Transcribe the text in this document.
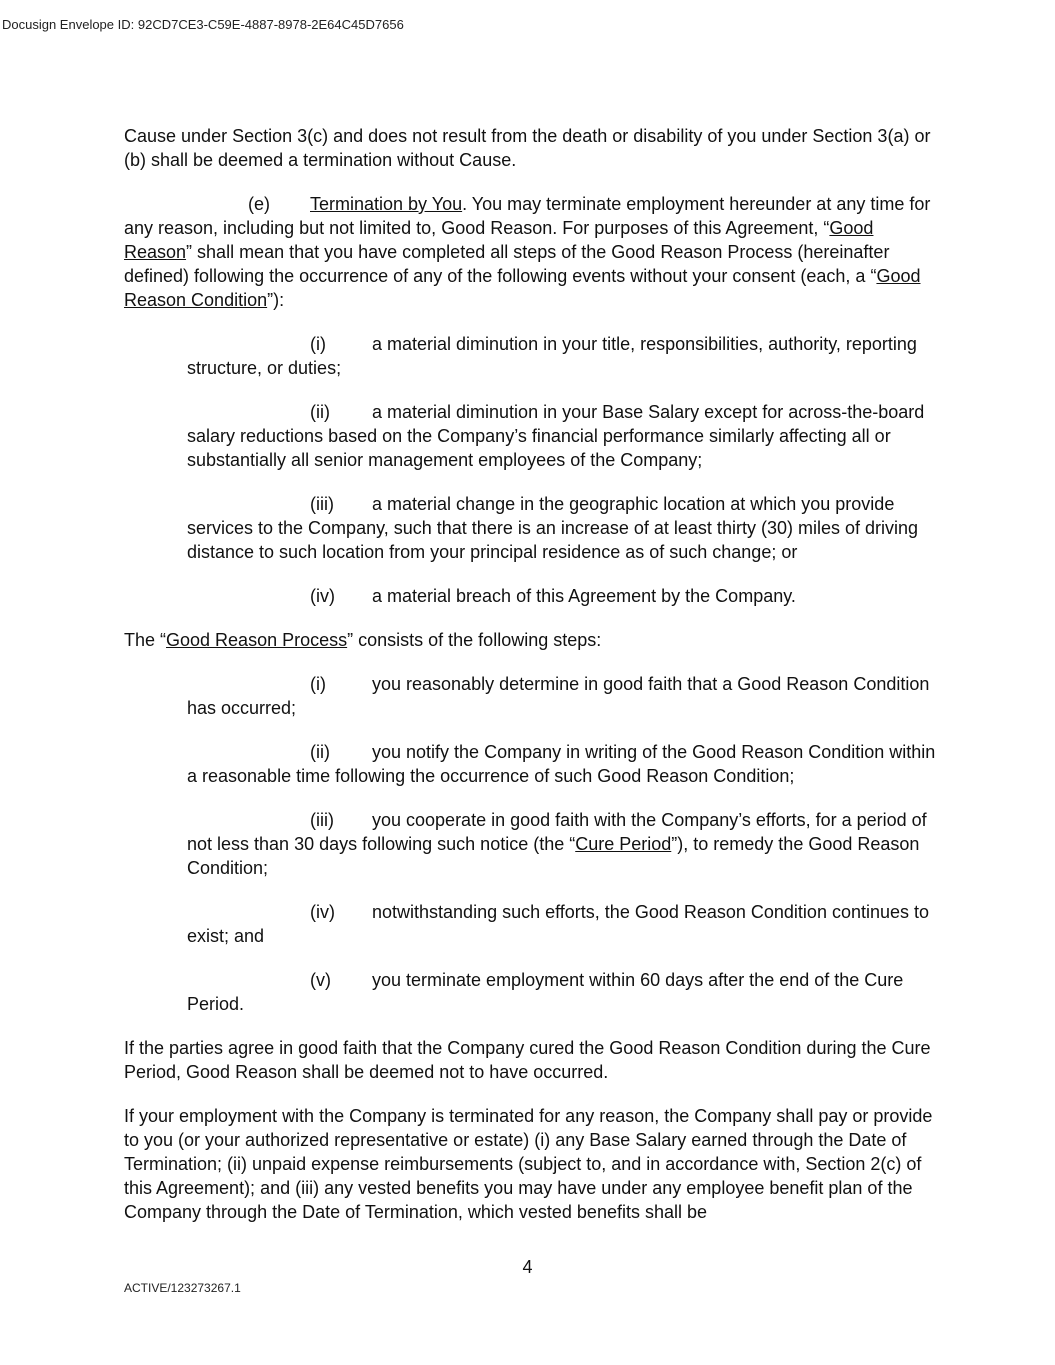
Docusign Envelope ID: 92CD7CE3-C59E-4887-8978-2E64C45D7656

Cause under Section 3(c) and does not result from the death or disability of you under Section 3(a) or (b) shall be deemed a termination without Cause.

(e) Termination by You. You may terminate employment hereunder at any time for any reason, including but not limited to, Good Reason. For purposes of this Agreement, “Good Reason” shall mean that you have completed all steps of the Good Reason Process (hereinafter defined) following the occurrence of any of the following events without your consent (each, a “Good Reason Condition”):

(i)	a material diminution in your title, responsibilities, authority, reporting structure, or duties;

(ii) a material diminution in your Base Salary except for across-the-board salary reductions based on the Company’s financial performance similarly affecting all or substantially all senior management employees of the Company;

(iii) a material change in the geographic location at which you provide services to the Company, such that there is an increase of at least thirty (30) miles of driving distance to such location from your principal residence as of such change; or

(iv) a material breach of this Agreement by the Company.

The “Good Reason Process” consists of the following steps:

(i)	you reasonably determine in good faith that a Good Reason Condition has occurred;

(ii) you notify the Company in writing of the Good Reason Condition within a reasonable time following the occurrence of such Good Reason Condition;

(iii) you cooperate in good faith with the Company’s efforts, for a period of not less than 30 days following such notice (the “Cure Period”), to remedy the Good Reason Condition;

(iv) notwithstanding such efforts, the Good Reason Condition continues to exist; and

(v) you terminate employment within 60 days after the end of the Cure Period.

If the parties agree in good faith that the Company cured the Good Reason Condition during the Cure Period, Good Reason shall be deemed not to have occurred.

If your employment with the Company is terminated for any reason, the Company shall pay or provide to you (or your authorized representative or estate) (i) any Base Salary earned through the Date of Termination; (ii) unpaid expense reimbursements (subject to, and in accordance with, Section 2(c) of this Agreement); and (iii) any vested benefits you may have under any employee benefit plan of the Company through the Date of Termination, which vested benefits shall be

4
ACTIVE/123273267.1
